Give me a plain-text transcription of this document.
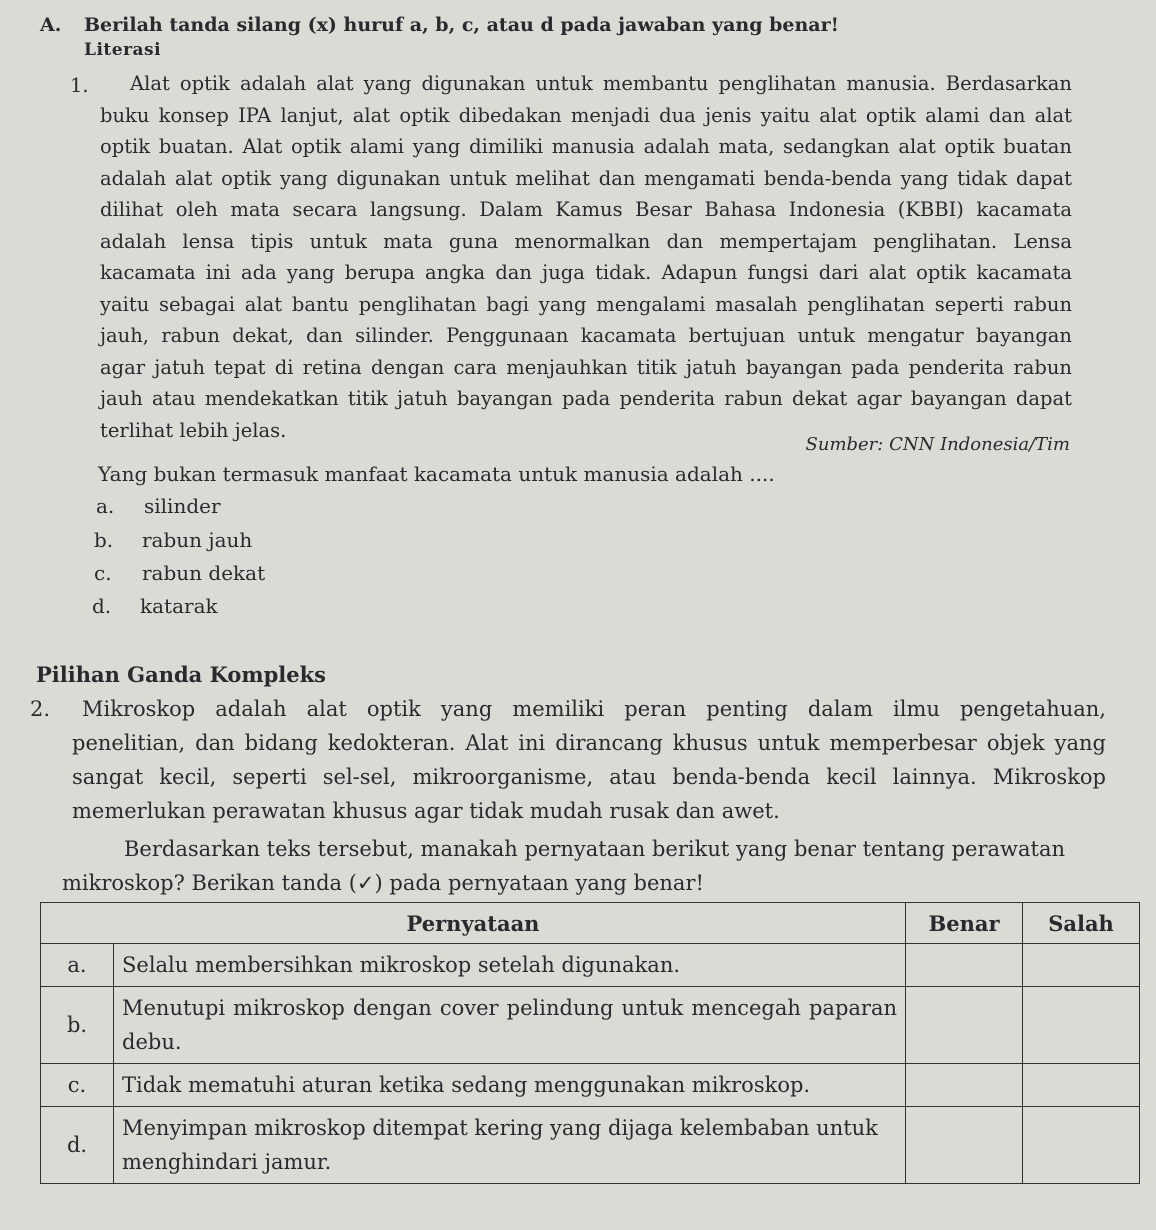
A. Berilah tanda silang (x) huruf a, b, c, atau d pada jawaban yang benar!
Literasi
1.	Alat optik adalah alat yang digunakan untuk membantu penglihatan manusia. Berdasarkan
buku konsep IPA lanjut, alat optik dibedakan menjadi dua jenis yaitu alat optik alami dan alat
optik buatan. Alat optik alami yang dimiliki manusia adalah mata, sedangkan alat optik buatan
adalah alat optik yang digunakan untuk melihat dan mengamati benda-benda yang tidak dapat
dilihat oleh mata secara langsung. Dalam Kamus Besar Bahasa Indonesia (KBBI) kacamata
adalah lensa tipis untuk mata guna menormalkan dan mempertajam penglihatan. Lensa
kacamata ini ada yang berupa angka dan juga tidak. Adapun fungsi dari alat optik kacamata
yaitu sebagai alat bantu penglihatan bagi yang mengalami masalah penglihatan seperti rabun
jauh, rabun dekat, dan silinder. Penggunaan kacamata bertujuan untuk mengatur bayangan
agar jatuh tepat di retina dengan cara menjauhkan titik jatuh bayangan pada penderita rabun
jauh atau mendekatkan titik jatuh bayangan pada penderita rabun dekat agar bayangan dapat
terlihat lebih jelas.
Sumber: CNN Indonesia/Tim
Yang bukan termasuk manfaat kacamata untuk manusia adalah ....
a. silinder
b. rabun jauh
c. rabun dekat
d. katarak
Pilihan Ganda Kompleks
2.	Mikroskop adalah alat optik yang memiliki peran penting dalam ilmu pengetahuan,
penelitian, dan bidang kedokteran. Alat ini dirancang khusus untuk memperbesar objek yang
sangat kecil, seperti sel-sel, mikroorganisme, atau benda-benda kecil lainnya. Mikroskop
memerlukan perawatan khusus agar tidak mudah rusak dan awet.
Berdasarkan teks tersebut, manakah pernyataan berikut yang benar tentang perawatan
mikroskop? Berikan tanda (✓) pada pernyataan yang benar!
Pernyataan		Benar	Salah
a.	Selalu membersihkan mikroskop setelah digunakan.		
b.	Menutupi mikroskop dengan cover pelindung untuk mencegah paparan debu.		
c.	Tidak mematuhi aturan ketika sedang menggunakan mikroskop.		
d.	Menyimpan mikroskop ditempat kering yang dijaga kelembaban untuk menghindari jamur.		
